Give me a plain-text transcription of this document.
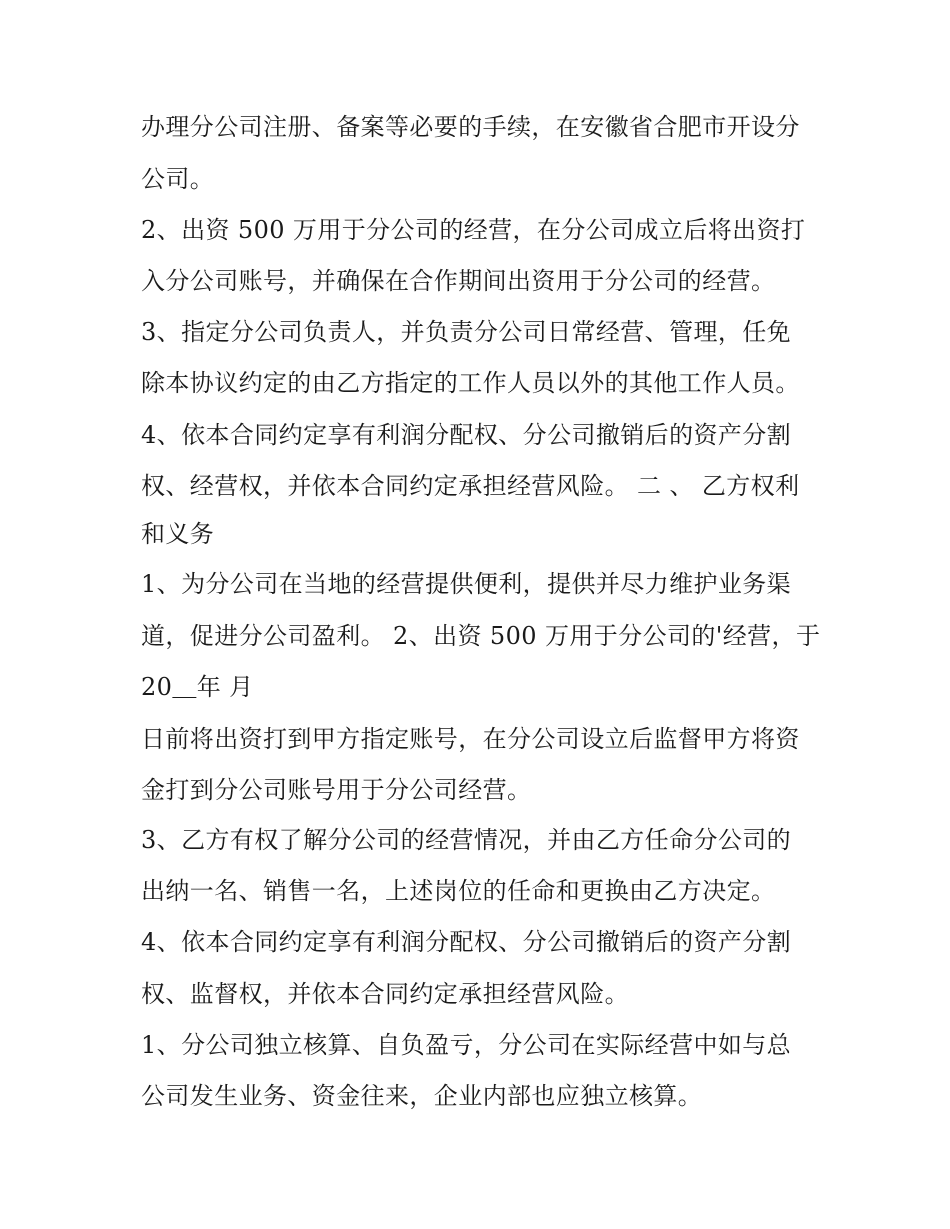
办理分公司注册、备案等必要的手续，在安徽省合肥市开设分

公司。

2、出资 500 万用于分公司的经营，在分公司成立后将出资打

入分公司账号，并确保在合作期间出资用于分公司的经营。

3、指定分公司负责人，并负责分公司日常经营、管理，任免

除本协议约定的由乙方指定的工作人员以外的其他工作人员。

4、依本合同约定享有利润分配权、分公司撤销后的资产分割

权、经营权，并依本合同约定承担经营风险。 二 、 乙方权利

和义务

1、为分公司在当地的经营提供便利，提供并尽力维护业务渠

道，促进分公司盈利。 2、出资 500 万用于分公司的'经营，于

20＿年 月

日前将出资打到甲方指定账号，在分公司设立后监督甲方将资

金打到分公司账号用于分公司经营。

3、乙方有权了解分公司的经营情况，并由乙方任命分公司的

出纳一名、销售一名，上述岗位的任命和更换由乙方决定。

4、依本合同约定享有利润分配权、分公司撤销后的资产分割

权、监督权，并依本合同约定承担经营风险。

1、分公司独立核算、自负盈亏，分公司在实际经营中如与总

公司发生业务、资金往来，企业内部也应独立核算。
